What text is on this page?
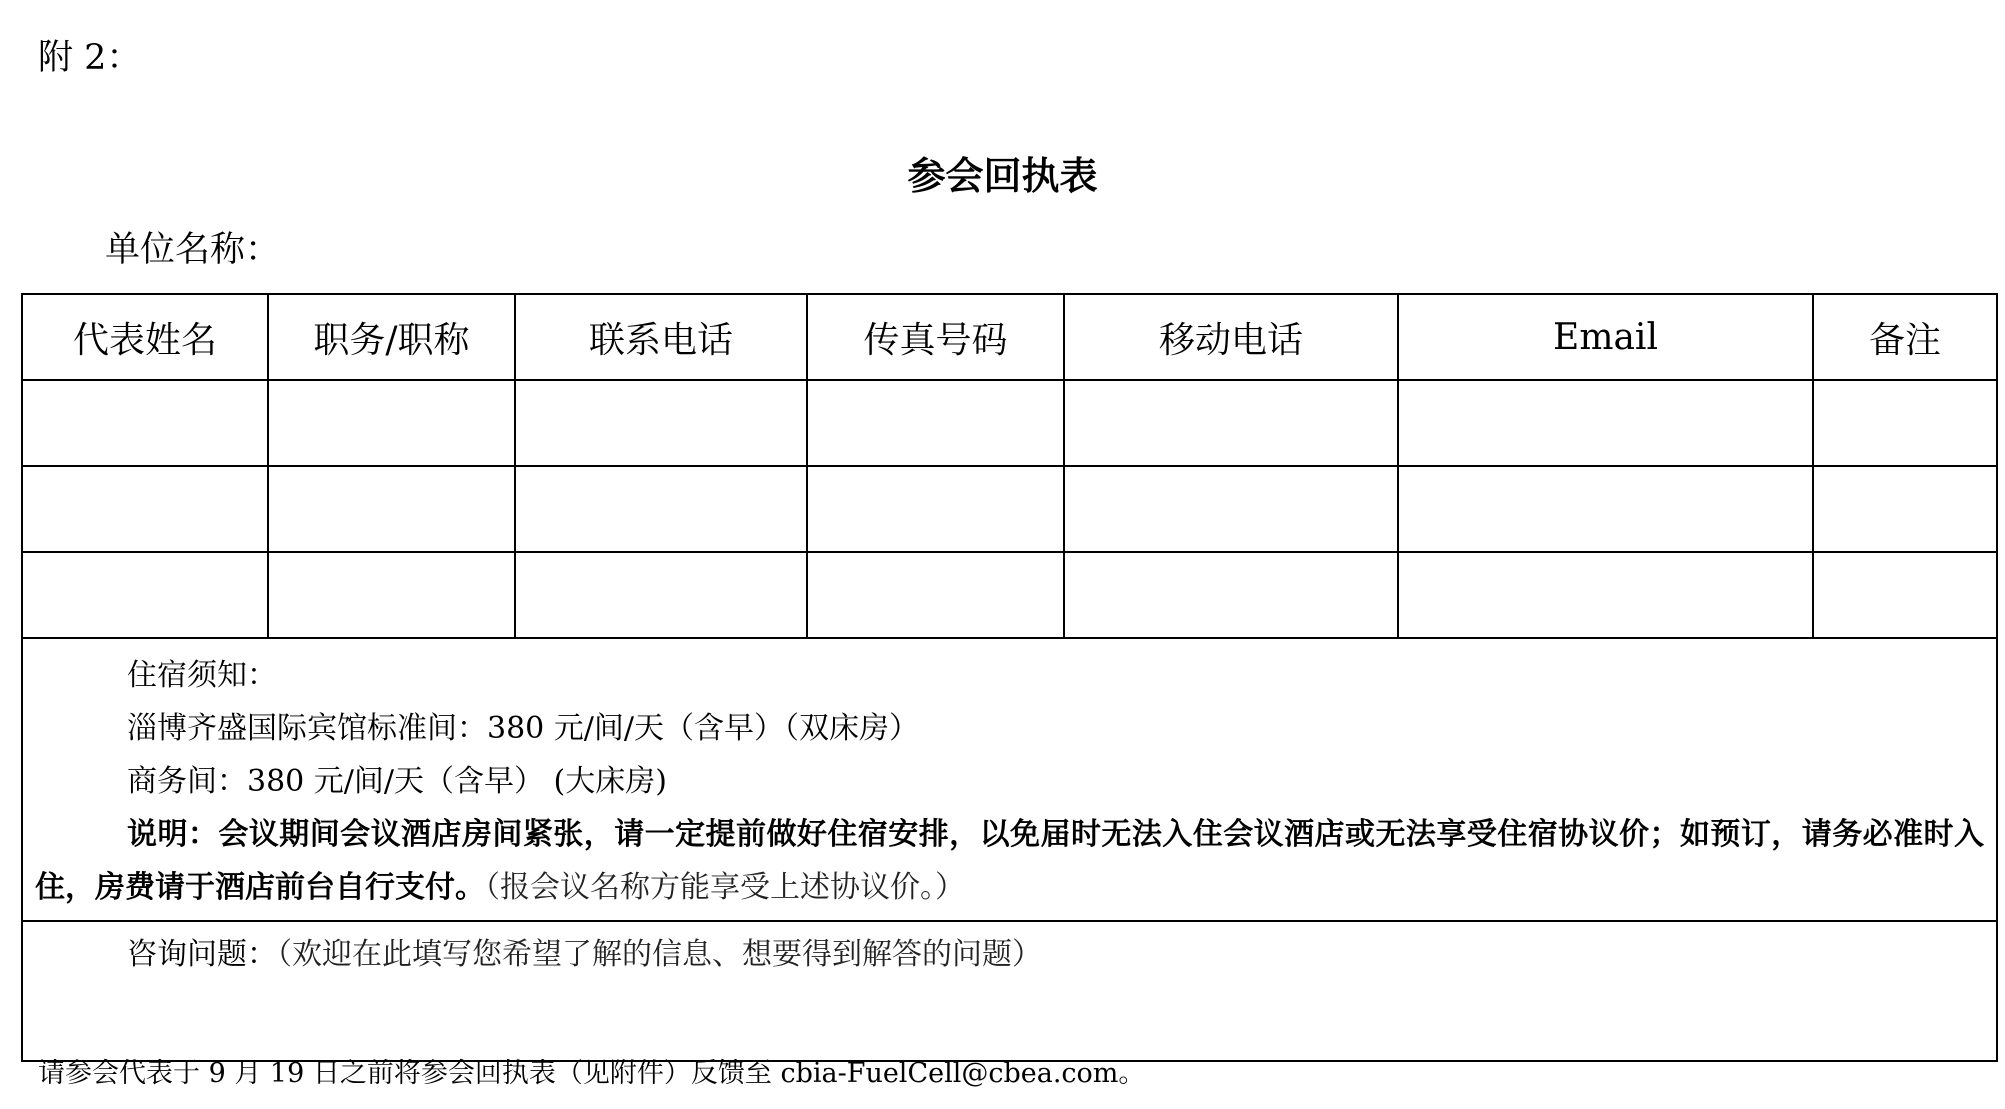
附 2：
参会回执表
单位名称：
代表姓名	职务/职称	联系电话	传真号码	移动电话	Email	备注

住宿须知：
淄博齐盛国际宾馆标准间：380 元/间/天（含早）（双床房）
商务间：380 元/间/天（含早） (大床房)
说明：会议期间会议酒店房间紧张，请一定提前做好住宿安排，以免届时无法入住会议酒店或无法享受住宿协议价；如预订，请务必准时入住，房费请于酒店前台自行支付。（报会议名称方能享受上述协议价。）						

咨询问题：（欢迎在此填写您希望了解的信息、想要得到解答的问题）						
请参会代表于 9 月 19 日之前将参会回执表（见附件）反馈至 cbia-FuelCell@cbea.com。
